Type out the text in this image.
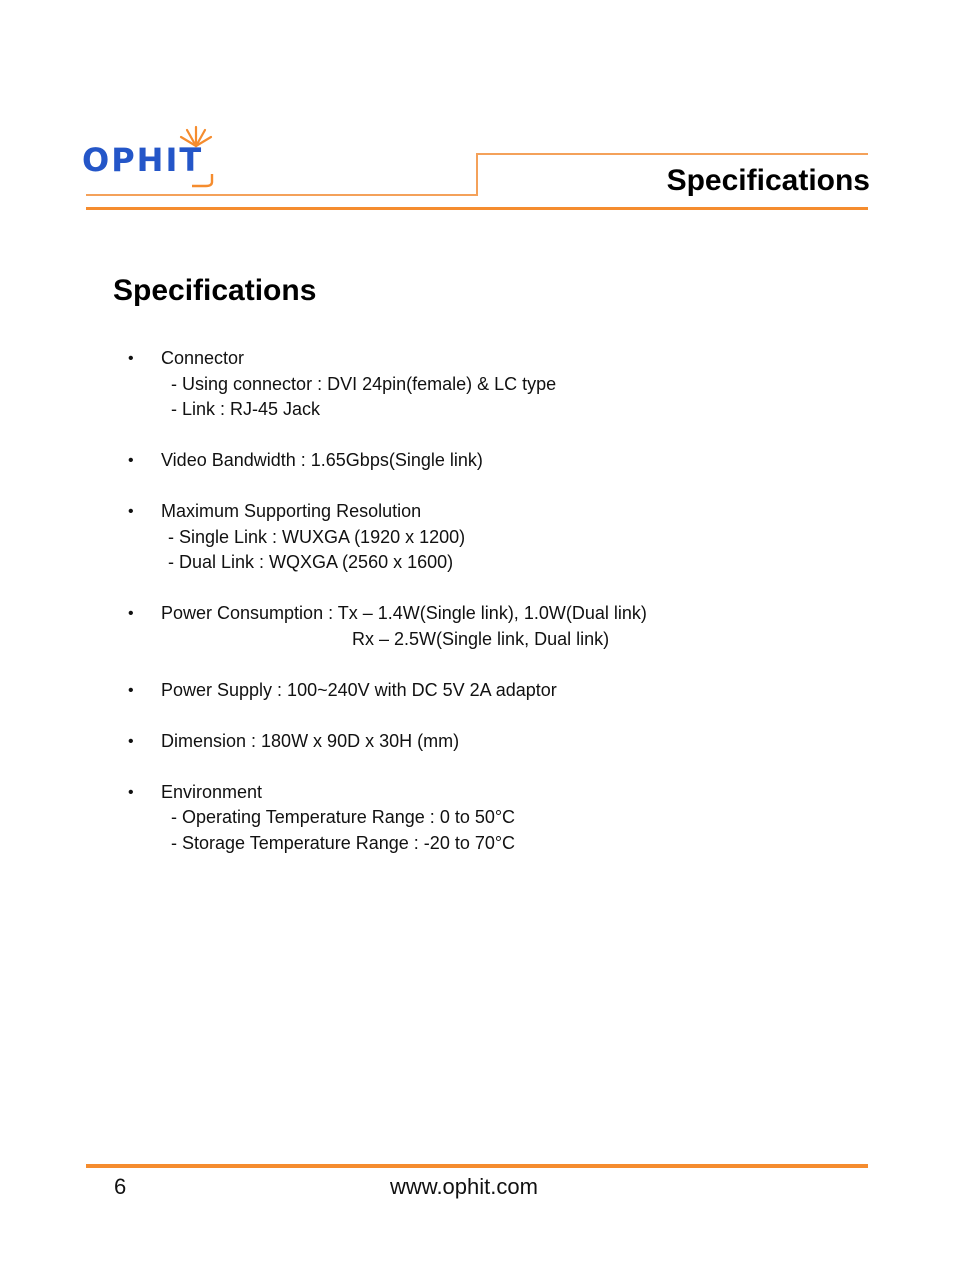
OPHIT
Specifications
Specifications
• Connector
- Using connector : DVI 24pin(female) & LC type
- Link : RJ-45 Jack
• Video Bandwidth : 1.65Gbps(Single link)
• Maximum Supporting Resolution
- Single Link : WUXGA (1920 x 1200)
- Dual Link : WQXGA (2560 x 1600)
• Power Consumption : Tx – 1.4W(Single link), 1.0W(Dual link)
Rx – 2.5W(Single link, Dual link)
• Power Supply : 100~240V with DC 5V 2A adaptor
• Dimension : 180W x 90D x 30H (mm)
• Environment
- Operating Temperature Range : 0 to 50°C
- Storage Temperature Range : -20 to 70°C
6	www.ophit.com
